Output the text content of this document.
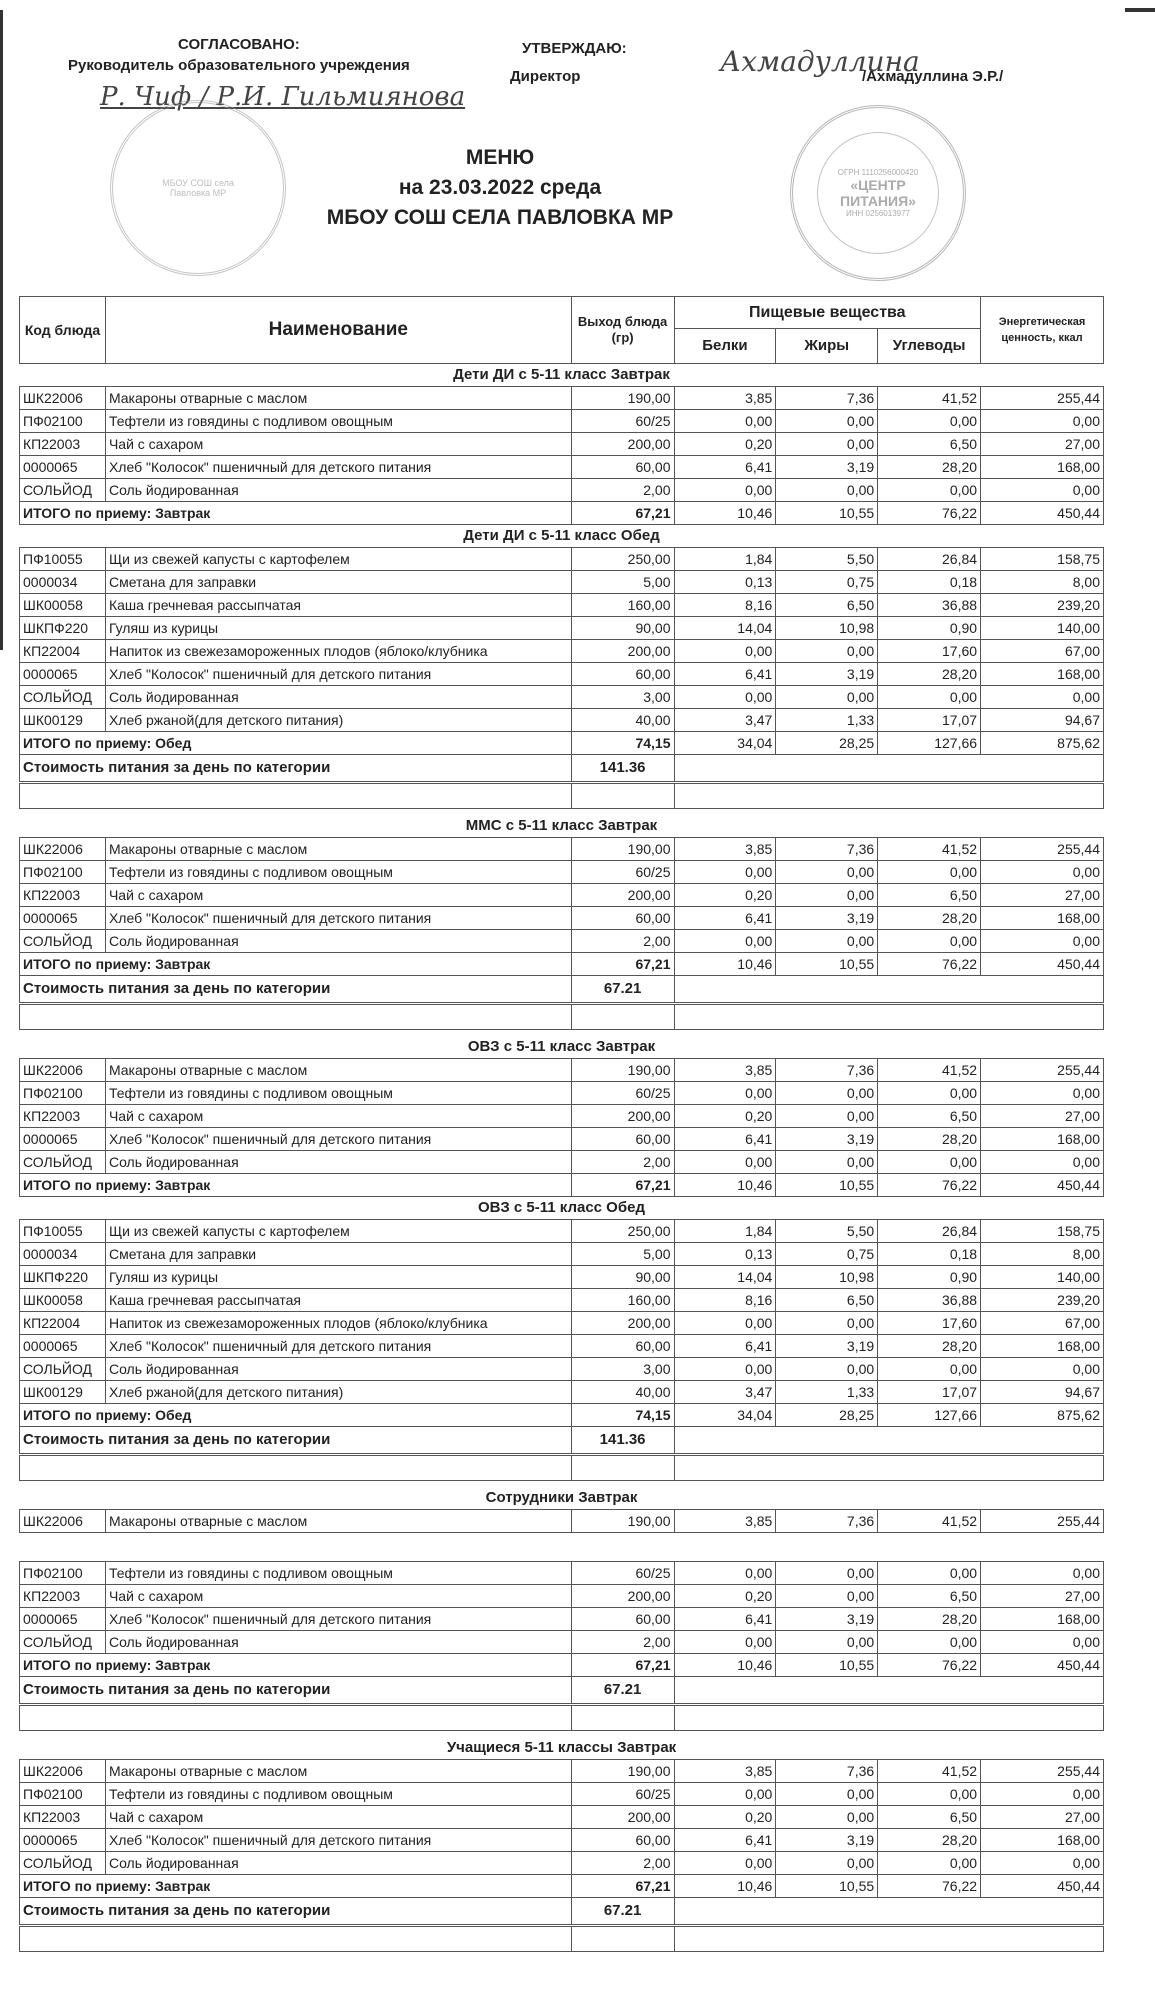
СОГЛАСОВАНО:
Руководитель образовательного учреждения
Р. Чиф / Р.И. Гильмиянова
МБОУ СОШ села Павловка МР
УТВЕРЖДАЮ:
Директор	Ахмадуллина
/Ахмадуллина Э.Р./
ОГРН 1110256000420
«ЦЕНТР ПИТАНИЯ»
ИНН 0256013977
МЕНЮ
на 23.03.2022 среда
МБОУ СОШ СЕЛА ПАВЛОВКА МР
Код блюда	Наименование	Выход блюда (гр)	Пищевые вещества			Энергетическая ценность, ккал
			Белки	Жиры	Углеводы	
Дети ДИ с 5-11 класс Завтрак						
ШК22006	Макароны отварные с маслом	190,00	3,85	7,36	41,52	255,44
ПФ02100	Тефтели из говядины с подливом овощным	60/25	0,00	0,00	0,00	0,00
КП22003	Чай с сахаром	200,00	0,20	0,00	6,50	27,00
0000065	Хлеб "Колосок" пшеничный для детского питания	60,00	6,41	3,19	28,20	168,00
СОЛЬЙОД	Соль йодированная	2,00	0,00	0,00	0,00	0,00
ИТОГО по приему: Завтрак		67,21	10,46	10,55	76,22	450,44
Дети ДИ с 5-11 класс Обед						
ПФ10055	Щи из свежей капусты с картофелем	250,00	1,84	5,50	26,84	158,75
0000034	Сметана для заправки	5,00	0,13	0,75	0,18	8,00
ШК00058	Каша гречневая рассыпчатая	160,00	8,16	6,50	36,88	239,20
ШКПФ220	Гуляш из курицы	90,00	14,04	10,98	0,90	140,00
КП22004	Напиток из свежезамороженных плодов (яблоко/клубника	200,00	0,00	0,00	17,60	67,00
0000065	Хлеб "Колосок" пшеничный для детского питания	60,00	6,41	3,19	28,20	168,00
СОЛЬЙОД	Соль йодированная	3,00	0,00	0,00	0,00	0,00
ШК00129	Хлеб ржаной(для детского питания)	40,00	3,47	1,33	17,07	94,67
ИТОГО по приему: Обед		74,15	34,04	28,25	127,66	875,62
Стоимость питания за день по категории		141.36				

ММС с 5-11 класс Завтрак						
ШК22006	Макароны отварные с маслом	190,00	3,85	7,36	41,52	255,44
ПФ02100	Тефтели из говядины с подливом овощным	60/25	0,00	0,00	0,00	0,00
КП22003	Чай с сахаром	200,00	0,20	0,00	6,50	27,00
0000065	Хлеб "Колосок" пшеничный для детского питания	60,00	6,41	3,19	28,20	168,00
СОЛЬЙОД	Соль йодированная	2,00	0,00	0,00	0,00	0,00
ИТОГО по приему: Завтрак		67,21	10,46	10,55	76,22	450,44
Стоимость питания за день по категории		67.21				

ОВЗ с 5-11 класс Завтрак						
ШК22006	Макароны отварные с маслом	190,00	3,85	7,36	41,52	255,44
ПФ02100	Тефтели из говядины с подливом овощным	60/25	0,00	0,00	0,00	0,00
КП22003	Чай с сахаром	200,00	0,20	0,00	6,50	27,00
0000065	Хлеб "Колосок" пшеничный для детского питания	60,00	6,41	3,19	28,20	168,00
СОЛЬЙОД	Соль йодированная	2,00	0,00	0,00	0,00	0,00
ИТОГО по приему: Завтрак		67,21	10,46	10,55	76,22	450,44
ОВЗ с 5-11 класс Обед						
ПФ10055	Щи из свежей капусты с картофелем	250,00	1,84	5,50	26,84	158,75
0000034	Сметана для заправки	5,00	0,13	0,75	0,18	8,00
ШКПФ220	Гуляш из курицы	90,00	14,04	10,98	0,90	140,00
ШК00058	Каша гречневая рассыпчатая	160,00	8,16	6,50	36,88	239,20
КП22004	Напиток из свежезамороженных плодов (яблоко/клубника	200,00	0,00	0,00	17,60	67,00
0000065	Хлеб "Колосок" пшеничный для детского питания	60,00	6,41	3,19	28,20	168,00
СОЛЬЙОД	Соль йодированная	3,00	0,00	0,00	0,00	0,00
ШК00129	Хлеб ржаной(для детского питания)	40,00	3,47	1,33	17,07	94,67
ИТОГО по приему: Обед		74,15	34,04	28,25	127,66	875,62
Стоимость питания за день по категории		141.36				

Сотрудники Завтрак						
ШК22006	Макароны отварные с маслом	190,00	3,85	7,36	41,52	255,44

ПФ02100	Тефтели из говядины с подливом овощным	60/25	0,00	0,00	0,00	0,00
КП22003	Чай с сахаром	200,00	0,20	0,00	6,50	27,00
0000065	Хлеб "Колосок" пшеничный для детского питания	60,00	6,41	3,19	28,20	168,00
СОЛЬЙОД	Соль йодированная	2,00	0,00	0,00	0,00	0,00
ИТОГО по приему: Завтрак		67,21	10,46	10,55	76,22	450,44
Стоимость питания за день по категории		67.21				

Учащиеся 5-11 классы Завтрак						
ШК22006	Макароны отварные с маслом	190,00	3,85	7,36	41,52	255,44
ПФ02100	Тефтели из говядины с подливом овощным	60/25	0,00	0,00	0,00	0,00
КП22003	Чай с сахаром	200,00	0,20	0,00	6,50	27,00
0000065	Хлеб "Колосок" пшеничный для детского питания	60,00	6,41	3,19	28,20	168,00
СОЛЬЙОД	Соль йодированная	2,00	0,00	0,00	0,00	0,00
ИТОГО по приему: Завтрак		67,21	10,46	10,55	76,22	450,44
Стоимость питания за день по категории		67.21				
